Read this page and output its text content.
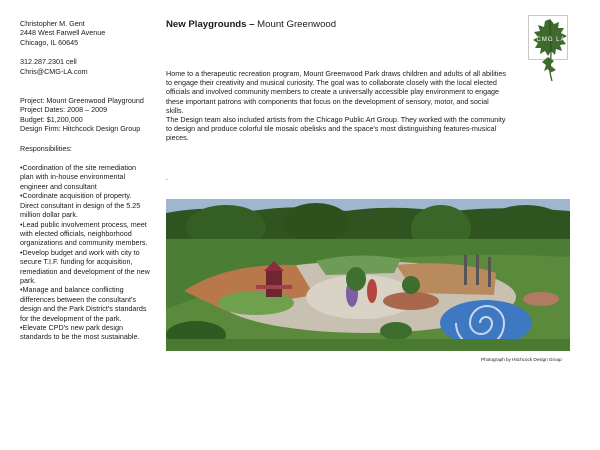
Christopher M. Gent
2448 West Farwell Avenue
Chicago, IL 60645
312.287.2301 cell
Chris@CMG-LA.com
Project: Mount Greenwood Playground
Project Dates: 2008 – 2009
Budget: $1,200,000
Design Firm: Hitchcock Design Group
Responsibilities:
• Coordination of the site remediation plan with in-house environmental engineer and consultant
• Coordinate acquisition of property. Direct consultant in design of the 5.25 million dollar park.
• Lead public involvement process, meet with elected officials, neighborhood organizations and community members.
• Develop budget and work with city to secure T.I.F. funding for acquisition, remediation and development of the new park.
• Manage and balance conflicting differences between the consultant's design and the Park District's standards for the development of the park.
• Elevate CPD's new park design standards to be the most sustainable.
New Playgrounds – Mount Greenwood

Home to a therapeutic recreation program, Mount Greenwood Park draws children and adults of all abilities to engage their creativity and musical curiosity. The goal was to collaborate closely with the local elected officials and involved community members to create a universally accessible play environment to engage these important patrons with components that focus on the development of sensory, motor, and social skills.

The Design team also included artists from the Chicago Public Art Group. They worked with the community to design and produce colorful tile mosaic obelisks and the space's most distinguishing features-musical pieces.

.
CMG LA
Photograph by Hitchcock Design Group
